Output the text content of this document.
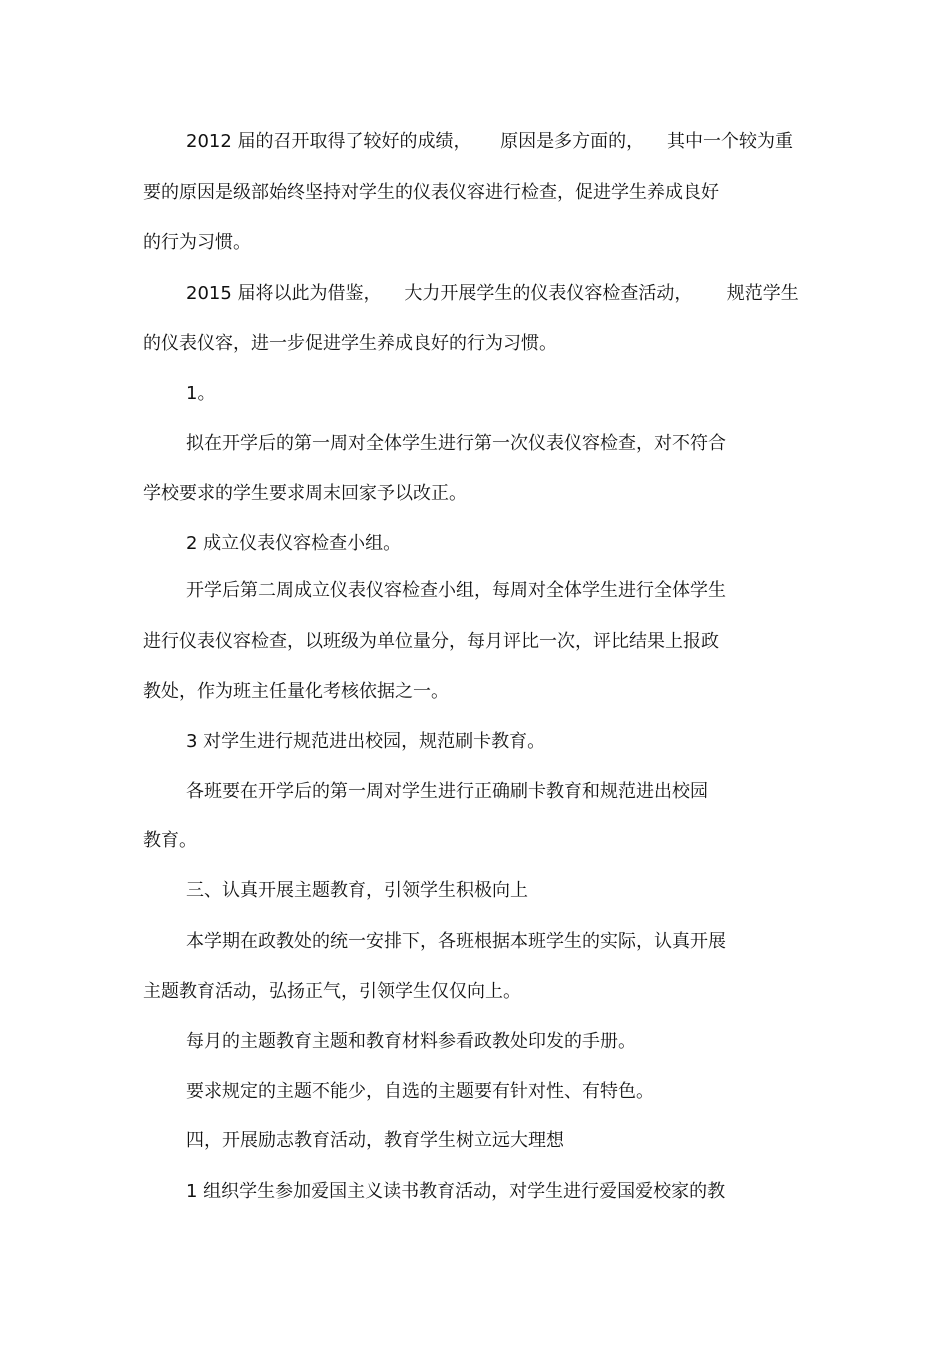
2012 届的召开取得了较好的成绩，     原因是多方面的，    其中一个较为重
要的原因是级部始终坚持对学生的仪表仪容进行检查，促进学生养成良好
的行为习惯。
2015 届将以此为借鉴，    大力开展学生的仪表仪容检查活动，      规范学生
的仪表仪容，进一步促进学生养成良好的行为习惯。
1。
拟在开学后的第一周对全体学生进行第一次仪表仪容检查，对不符合
学校要求的学生要求周末回家予以改正。
2 成立仪表仪容检查小组。
开学后第二周成立仪表仪容检查小组，每周对全体学生进行全体学生
进行仪表仪容检查，以班级为单位量分，每月评比一次，评比结果上报政
教处，作为班主任量化考核依据之一。
3 对学生进行规范进出校园，规范刷卡教育。
各班要在开学后的第一周对学生进行正确刷卡教育和规范进出校园
教育。
三、认真开展主题教育，引领学生积极向上
本学期在政教处的统一安排下，各班根据本班学生的实际，认真开展
主题教育活动，弘扬正气，引领学生仅仅向上。
每月的主题教育主题和教育材料参看政教处印发的手册。
要求规定的主题不能少，自选的主题要有针对性、有特色。
四，开展励志教育活动，教育学生树立远大理想
1 组织学生参加爱国主义读书教育活动，对学生进行爱国爱校家的教
